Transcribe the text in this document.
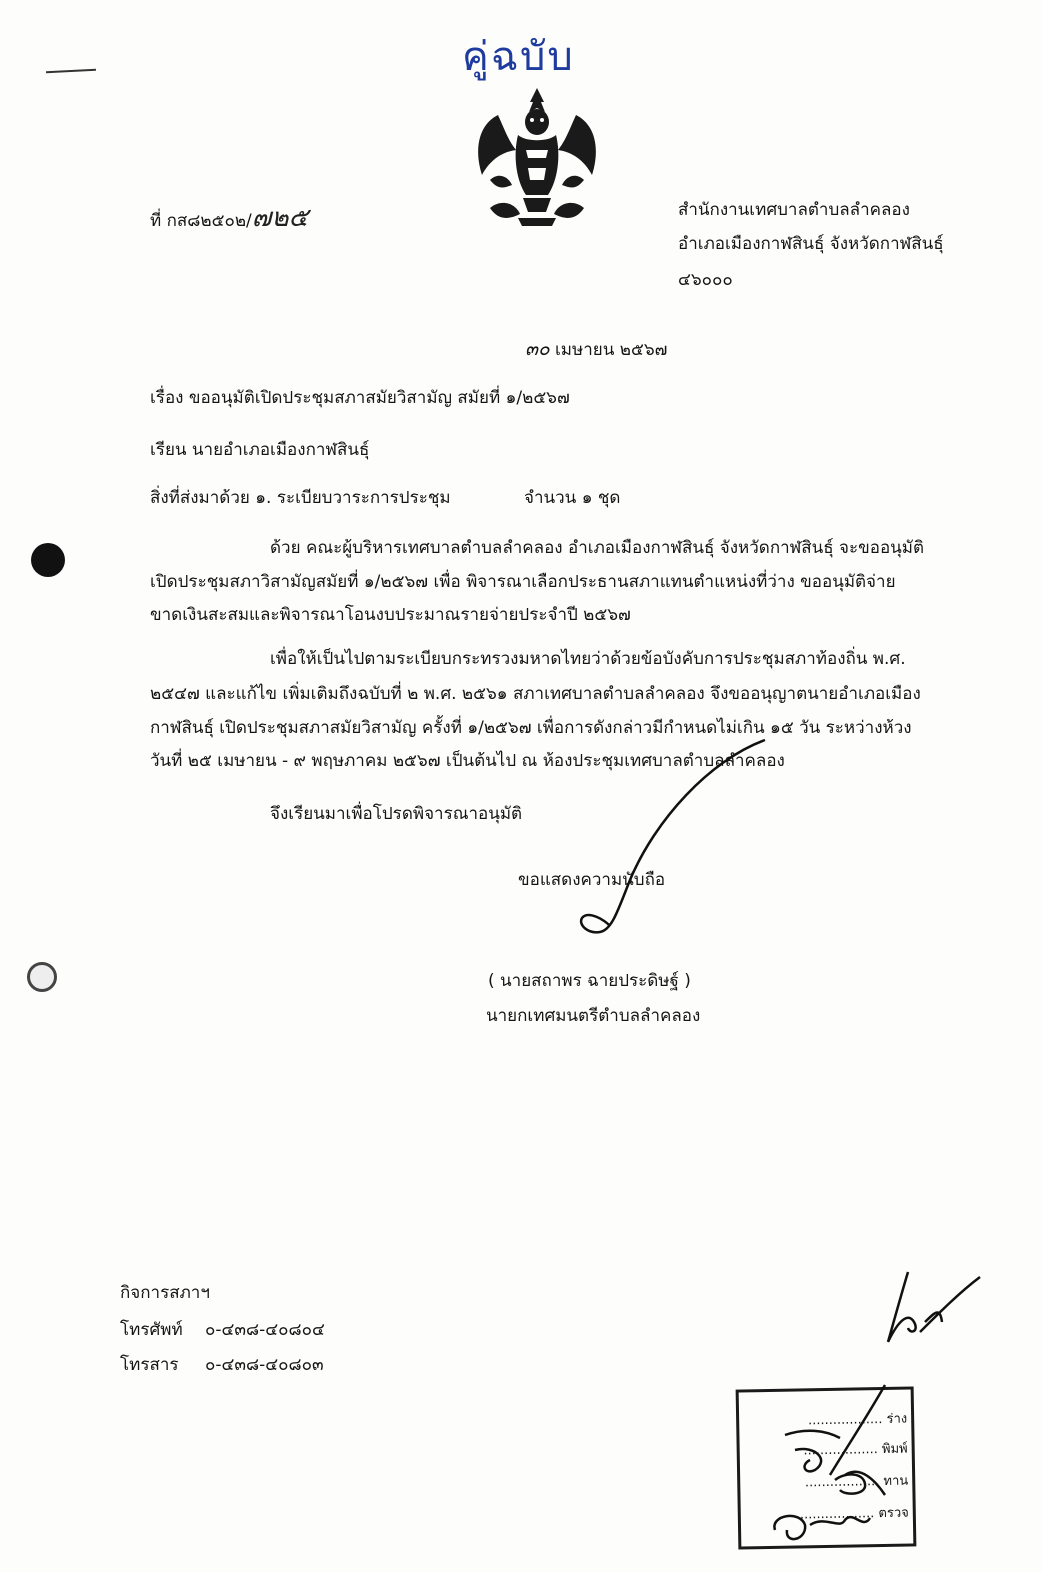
คู่ฉบับ
ที่ กส๘๒๕๐๒/๗๒๕	สำนักงานเทศบาลตำบลลำคลอง
อำเภอเมืองกาฬสินธุ์ จังหวัดกาฬสินธุ์
๔๖๐๐๐
๓๐ เมษายน ๒๕๖๗
เรื่อง ขออนุมัติเปิดประชุมสภาสมัยวิสามัญ สมัยที่ ๑/๒๕๖๗
เรียน นายอำเภอเมืองกาฬสินธุ์
สิ่งที่ส่งมาด้วย ๑. ระเบียบวาระการประชุม	จำนวน ๑ ชุด
ด้วย คณะผู้บริหารเทศบาลตำบลลำคลอง อำเภอเมืองกาฬสินธุ์ จังหวัดกาฬสินธุ์ จะขออนุมัติ
เปิดประชุมสภาวิสามัญสมัยที่ ๑/๒๕๖๗ เพื่อ พิจารณาเลือกประธานสภาแทนตำแหน่งที่ว่าง ขออนุมัติจ่าย
ขาดเงินสะสมและพิจารณาโอนงบประมาณรายจ่ายประจำปี ๒๕๖๗
เพื่อให้เป็นไปตามระเบียบกระทรวงมหาดไทยว่าด้วยข้อบังคับการประชุมสภาท้องถิ่น พ.ศ.
๒๕๔๗ และแก้ไข เพิ่มเติมถึงฉบับที่ ๒ พ.ศ. ๒๕๖๑ สภาเทศบาลตำบลลำคลอง จึงขออนุญาตนายอำเภอเมือง
กาฬสินธุ์ เปิดประชุมสภาสมัยวิสามัญ ครั้งที่ ๑/๒๕๖๗ เพื่อการดังกล่าวมีกำหนดไม่เกิน ๑๕ วัน ระหว่างห้วง
วันที่ ๒๕ เมษายน - ๙ พฤษภาคม ๒๕๖๗ เป็นต้นไป ณ ห้องประชุมเทศบาลตำบลลำคลอง
จึงเรียนมาเพื่อโปรดพิจารณาอนุมัติ
ขอแสดงความนับถือ
( นายสถาพร ฉายประดิษฐ์ )
นายกเทศมนตรีตำบลลำคลอง
กิจการสภาฯ
โทรศัพท์ ๐-๔๓๘-๔๐๘๐๔
โทรสาร ๐-๔๓๘-๔๐๘๐๓
.................. ร่าง
.................. พิมพ์
.................. ทาน
.................. ตรวจ
